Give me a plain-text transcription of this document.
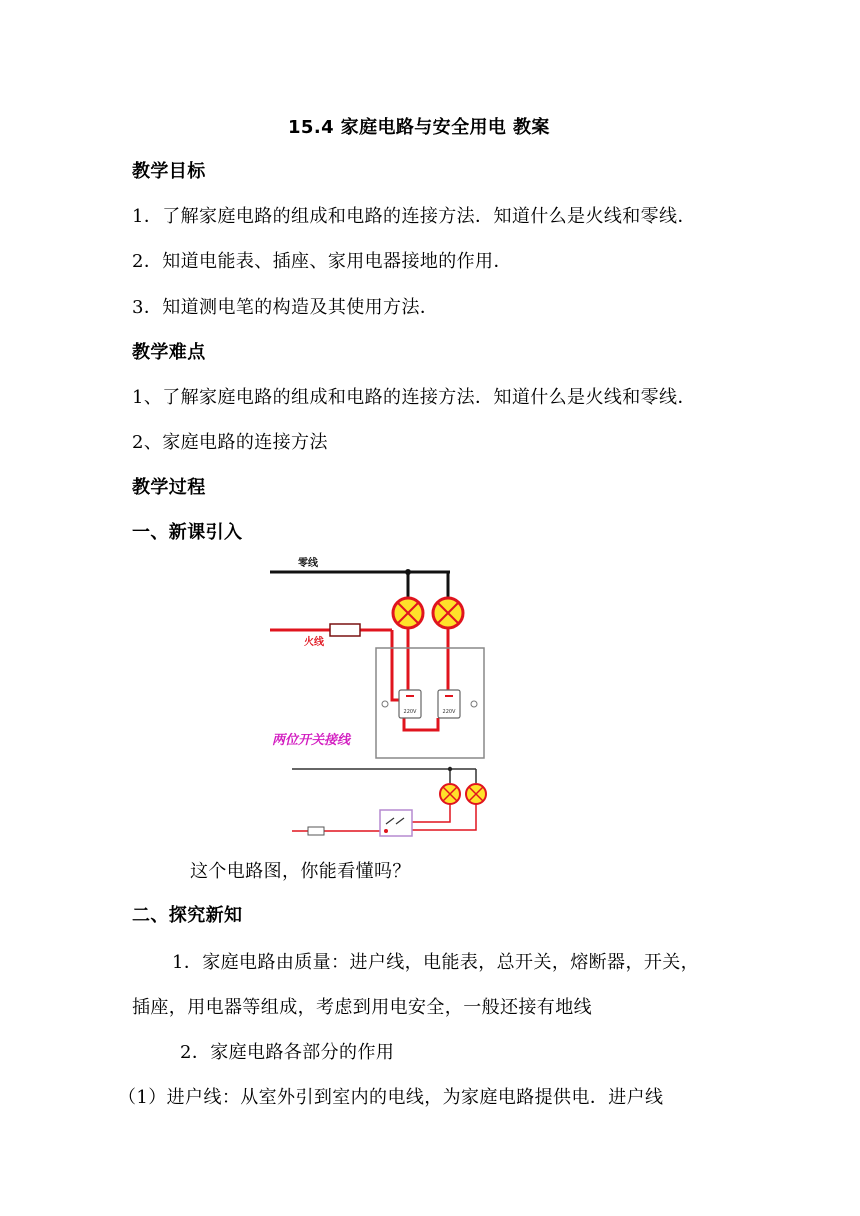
15.4 家庭电路与安全用电 教案
教学目标
1．了解家庭电路的组成和电路的连接方法．知道什么是火线和零线．
2．知道电能表、插座、家用电器接地的作用．
3．知道测电笔的构造及其使用方法．
教学难点
1、了解家庭电路的组成和电路的连接方法．知道什么是火线和零线．
2、家庭电路的连接方法
教学过程
一、新课引入
零线
火线
220V	220V
两位开关接线
这个电路图，你能看懂吗？
二、探究新知
1．家庭电路由质量：进户线，电能表，总开关，熔断器，开关，
插座，用电器等组成，考虑到用电安全，一般还接有地线
2．家庭电路各部分的作用
（1）进户线：从室外引到室内的电线，为家庭电路提供电．进户线
